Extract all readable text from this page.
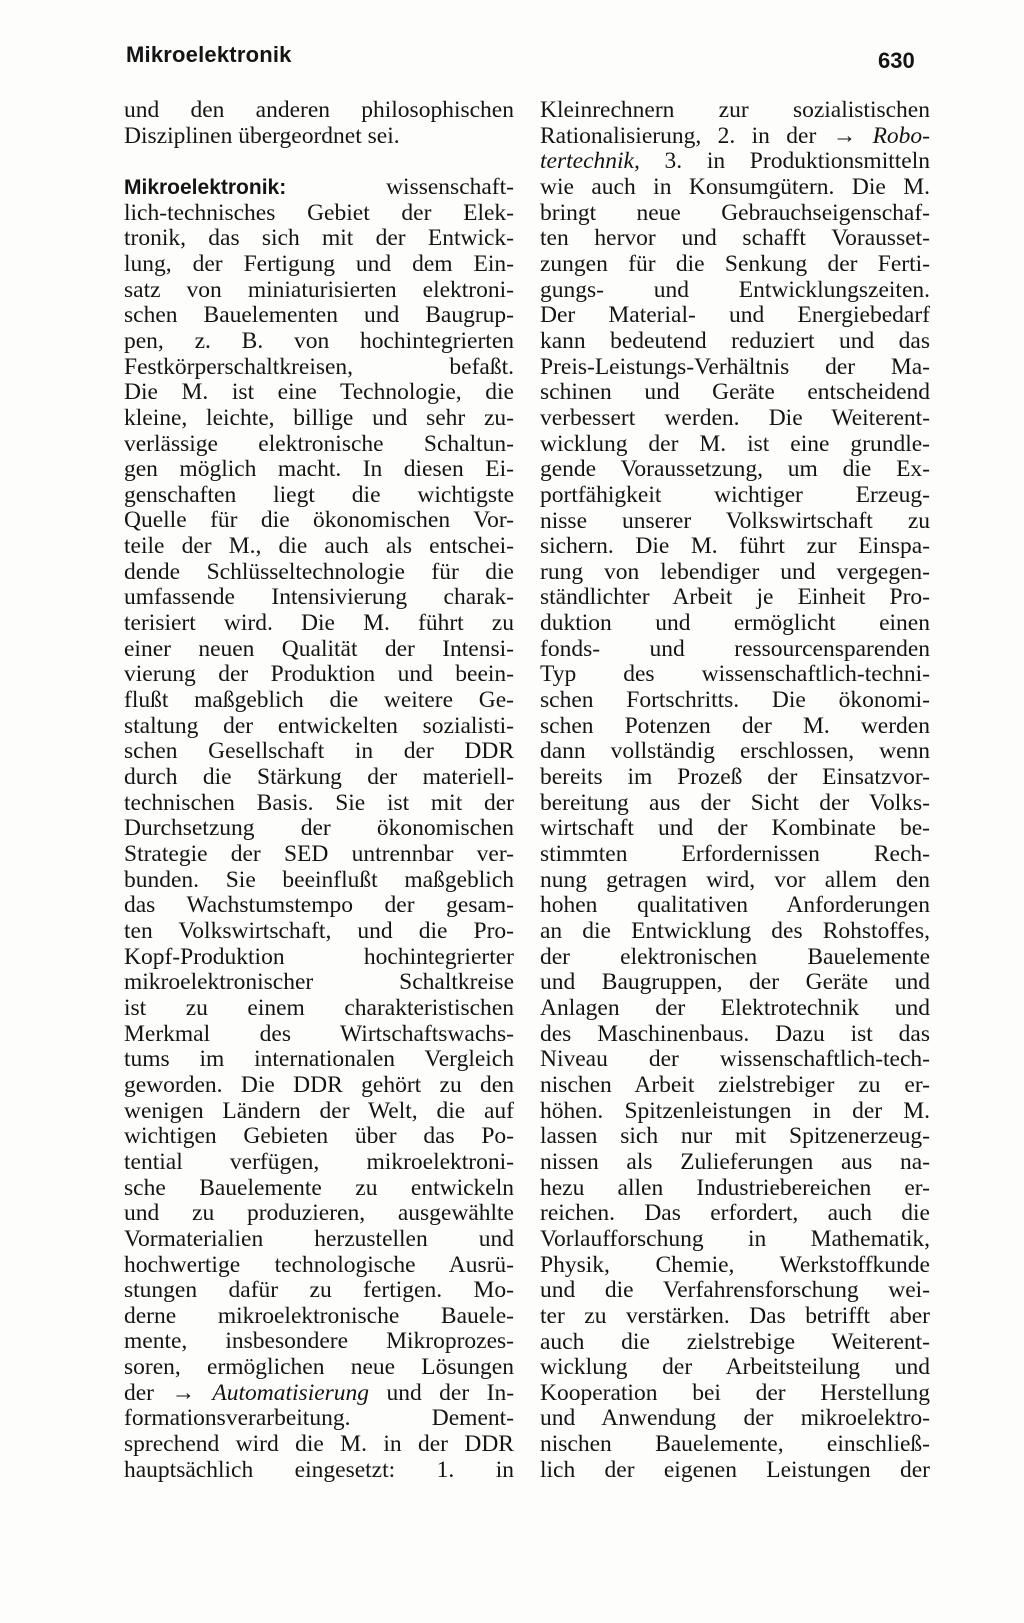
Mikroelektronik	630
und den anderen philosophischen
Disziplinen übergeordnet sei.
Mikroelektronik:	wissenschaft-
lich-technisches Gebiet der Elek-
tronik, das sich mit der Entwick-
lung, der Fertigung und dem Ein-
satz von miniaturisierten elektroni-
schen Bauelementen und Baugrup-
pen, z. B. von hochintegrierten
Festkörperschaltkreisen, befaßt.
Die M. ist eine Technologie, die
kleine, leichte, billige und sehr zu-
verlässige elektronische Schaltun-
gen möglich macht. In diesen Ei-
genschaften liegt die wichtigste
Quelle für die ökonomischen Vor-
teile der M., die auch als entschei-
dende Schlüsseltechnologie für die
umfassende Intensivierung charak-
terisiert wird. Die M. führt zu
einer neuen Qualität der Intensi-
vierung der Produktion und beein-
flußt maßgeblich die weitere Ge-
staltung der entwickelten sozialisti-
schen Gesellschaft in der DDR
durch die Stärkung der materiell-
technischen Basis. Sie ist mit der
Durchsetzung der ökonomischen
Strategie der SED untrennbar ver-
bunden. Sie beeinflußt maßgeblich
das Wachstumstempo der gesam-
ten Volkswirtschaft, und die Pro-
Kopf-Produktion hochintegrierter
mikroelektronischer Schaltkreise
ist zu einem charakteristischen
Merkmal des Wirtschaftswachs-
tums im internationalen Vergleich
geworden. Die DDR gehört zu den
wenigen Ländern der Welt, die auf
wichtigen Gebieten über das Po-
tential verfügen, mikroelektroni-
sche Bauelemente zu entwickeln
und zu produzieren, ausgewählte
Vormaterialien herzustellen und
hochwertige technologische Ausrü-
stungen dafür zu fertigen. Mo-
derne mikroelektronische Bauele-
mente, insbesondere Mikroprozes-
soren, ermöglichen neue Lösungen
der → Automatisierung und der In-
formationsverarbeitung. Dement-
sprechend wird die M. in der DDR
hauptsächlich eingesetzt: 1. in
Kleinrechnern zur sozialistischen
Rationalisierung, 2. in der → Robo-
tertechnik, 3. in Produktionsmitteln
wie auch in Konsumgütern. Die M.
bringt neue Gebrauchseigenschaf-
ten hervor und schafft Vorausset-
zungen für die Senkung der Ferti-
gungs- und Entwicklungszeiten.
Der Material- und Energiebedarf
kann bedeutend reduziert und das
Preis-Leistungs-Verhältnis der Ma-
schinen und Geräte entscheidend
verbessert werden. Die Weiterent-
wicklung der M. ist eine grundle-
gende Voraussetzung, um die Ex-
portfähigkeit wichtiger Erzeug-
nisse unserer Volkswirtschaft zu
sichern. Die M. führt zur Einspa-
rung von lebendiger und vergegen-
ständlichter Arbeit je Einheit Pro-
duktion und ermöglicht einen
fonds- und ressourcensparenden
Typ des wissenschaftlich-techni-
schen Fortschritts. Die ökonomi-
schen Potenzen der M. werden
dann vollständig erschlossen, wenn
bereits im Prozeß der Einsatzvor-
bereitung aus der Sicht der Volks-
wirtschaft und der Kombinate be-
stimmten Erfordernissen Rech-
nung getragen wird, vor allem den
hohen qualitativen Anforderungen
an die Entwicklung des Rohstoffes,
der elektronischen Bauelemente
und Baugruppen, der Geräte und
Anlagen der Elektrotechnik und
des Maschinenbaus. Dazu ist das
Niveau der wissenschaftlich-tech-
nischen Arbeit zielstrebiger zu er-
höhen. Spitzenleistungen in der M.
lassen sich nur mit Spitzenerzeug-
nissen als Zulieferungen aus na-
hezu allen Industriebereichen er-
reichen. Das erfordert, auch die
Vorlaufforschung in Mathematik,
Physik, Chemie, Werkstoffkunde
und die Verfahrensforschung wei-
ter zu verstärken. Das betrifft aber
auch die zielstrebige Weiterent-
wicklung der Arbeitsteilung und
Kooperation bei der Herstellung
und Anwendung der mikroelektro-
nischen Bauelemente, einschließ-
lich der eigenen Leistungen der
